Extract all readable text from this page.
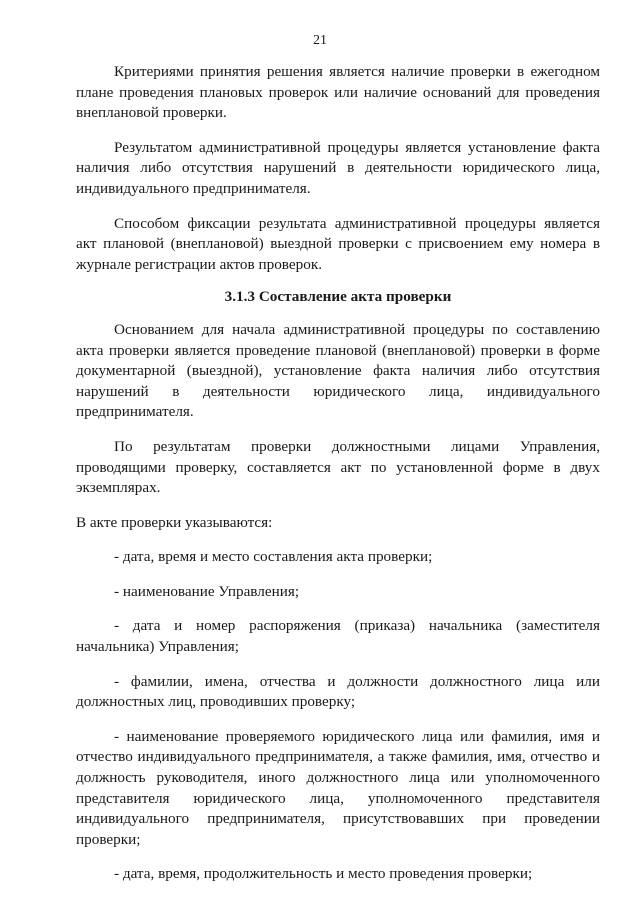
21

Критериями принятия решения является наличие проверки в ежегодном плане проведения плановых проверок или наличие оснований для проведения внеплановой проверки.

Результатом административной процедуры является установление факта наличия либо отсутствия нарушений в деятельности юридического лица, индивидуального предпринимателя.

Способом фиксации результата административной процедуры является акт плановой (внеплановой) выездной проверки с присвоением ему номера в журнале регистрации актов проверок.

3.1.3 Составление акта проверки

Основанием для начала административной процедуры по составлению акта проверки является проведение плановой (внеплановой) проверки в форме документарной (выездной), установление факта наличия либо отсутствия нарушений в деятельности юридического лица, индивидуального предпринимателя.

По результатам проверки должностными лицами Управления, проводящими проверку, составляется акт по установленной форме в двух экземплярах.

В акте проверки указываются:

- дата, время и место составления акта проверки;

- наименование Управления;

- дата и номер распоряжения (приказа) начальника (заместителя начальника) Управления;

- фамилии, имена, отчества и должности должностного лица или должностных лиц, проводивших проверку;

- наименование проверяемого юридического лица или фамилия, имя и отчество индивидуального предпринимателя, а также фамилия, имя, отчество и должность руководителя, иного должностного лица или уполномоченного представителя юридического лица, уполномоченного представителя индивидуального предпринимателя, присутствовавших при проведении проверки;

- дата, время, продолжительность и место проведения проверки;
